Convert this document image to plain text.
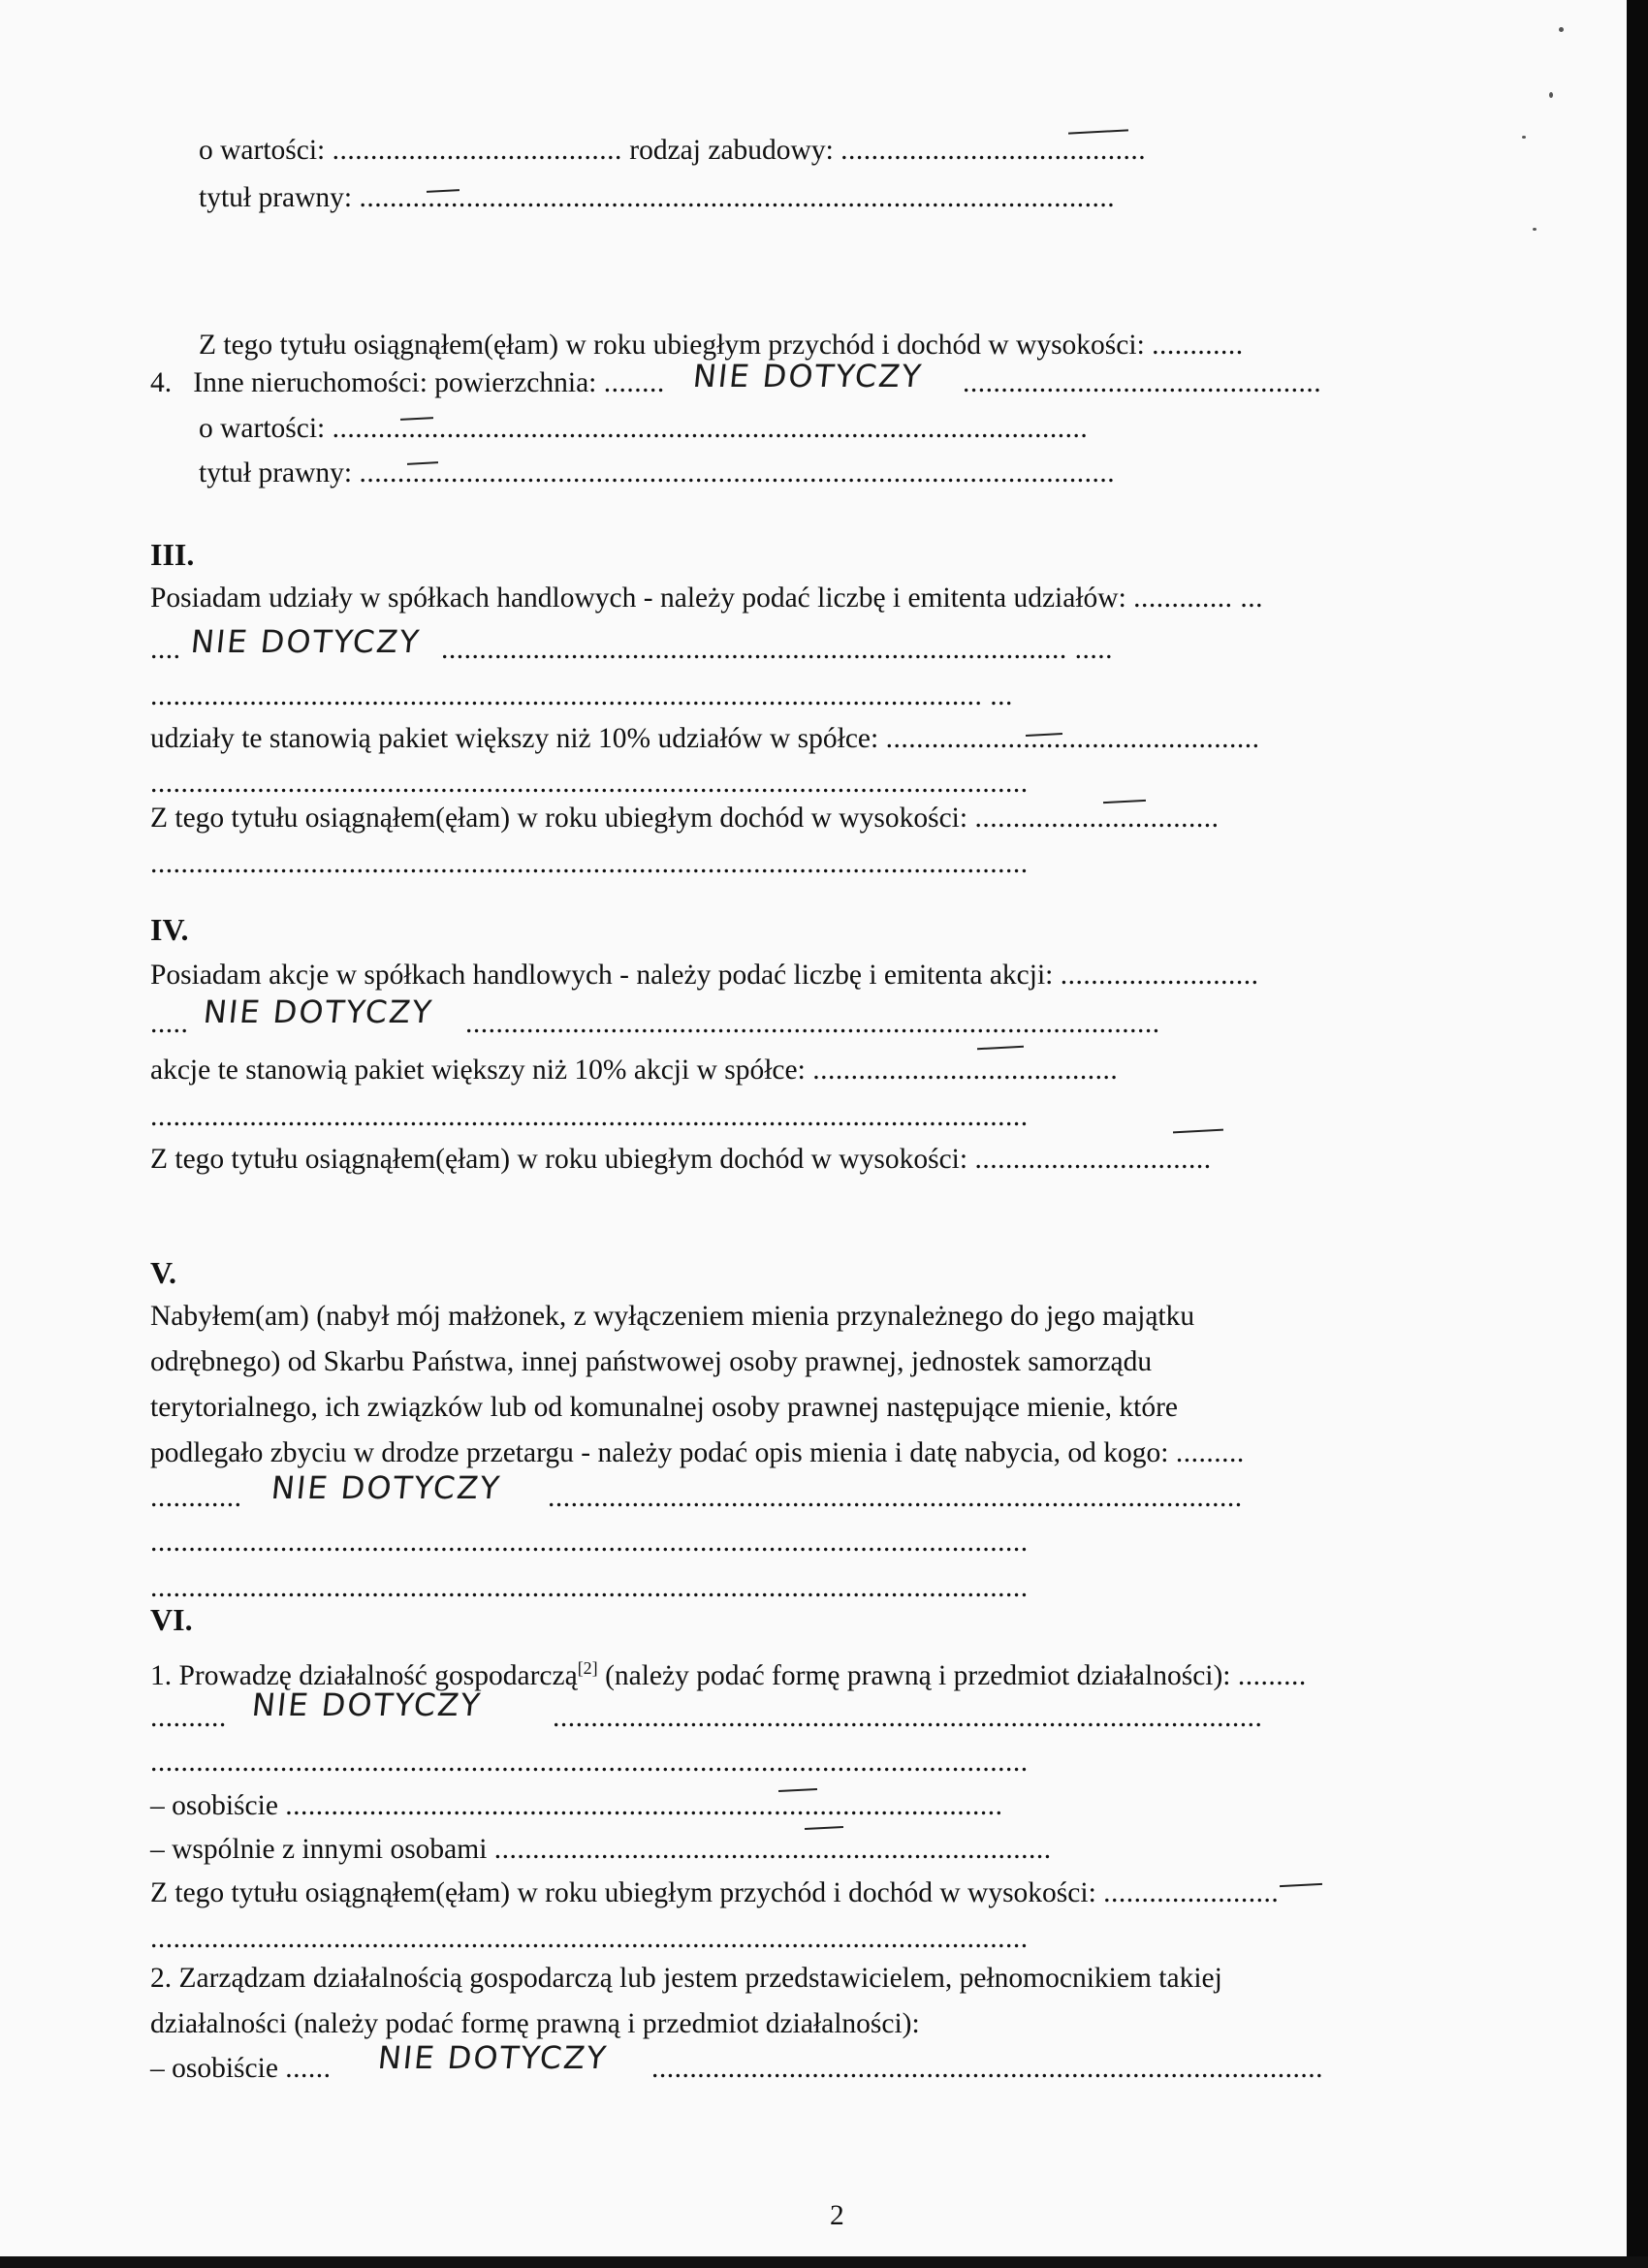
o wartości: ...................................... rodzaj zabudowy: ........................................
tytuł prawny: ...................................................................................................
Z tego tytułu osiągnąłem(ęłam) w roku ubiegłym przychód i dochód w wysokości: ............
4. Inne nieruchomości: powierzchnia: ........ NIE DOTYCZY ...............................................
o wartości: ...................................................................................................
tytuł prawny: ...................................................................................................
III.
Posiadam udziały w spółkach handlowych - należy podać liczbę i emitenta udziałów: ............. ...
.... NIE DOTYCZY .................................................................................. .....
............................................................................................................. ...
udziały te stanowią pakiet większy niż 10% udziałów w spółce: .................................................
...................................................................................................................
Z tego tytułu osiągnąłem(ęłam) w roku ubiegłym dochód w wysokości: ................................
...................................................................................................................
IV.
Posiadam akcje w spółkach handlowych - należy podać liczbę i emitenta akcji: ..........................
..... NIE DOTYCZY ...........................................................................................
akcje te stanowią pakiet większy niż 10% akcji w spółce: ........................................
...................................................................................................................
Z tego tytułu osiągnąłem(ęłam) w roku ubiegłym dochód w wysokości: ...............................
V.
Nabyłem(am) (nabył mój małżonek, z wyłączeniem mienia przynależnego do jego majątku
odrębnego) od Skarbu Państwa, innej państwowej osoby prawnej, jednostek samorządu
terytorialnego, ich związków lub od komunalnej osoby prawnej następujące mienie, które
podlegało zbyciu w drodze przetargu - należy podać opis mienia i datę nabycia, od kogo: .........
............ NIE DOTYCZY ...........................................................................................
...................................................................................................................
...................................................................................................................
VI.
1. Prowadzę działalność gospodarczą[2] (należy podać formę prawną i przedmiot działalności): .........
.......... NIE DOTYCZY .............................................................................................
...................................................................................................................
– osobiście ..............................................................................................
– wspólnie z innymi osobami .........................................................................
Z tego tytułu osiągnąłem(ęłam) w roku ubiegłym przychód i dochód w wysokości: .......................
...................................................................................................................
2. Zarządzam działalnością gospodarczą lub jestem przedstawicielem, pełnomocnikiem takiej
działalności (należy podać formę prawną i przedmiot działalności):
– osobiście ...... NIE DOTYCZY ........................................................................................
2
